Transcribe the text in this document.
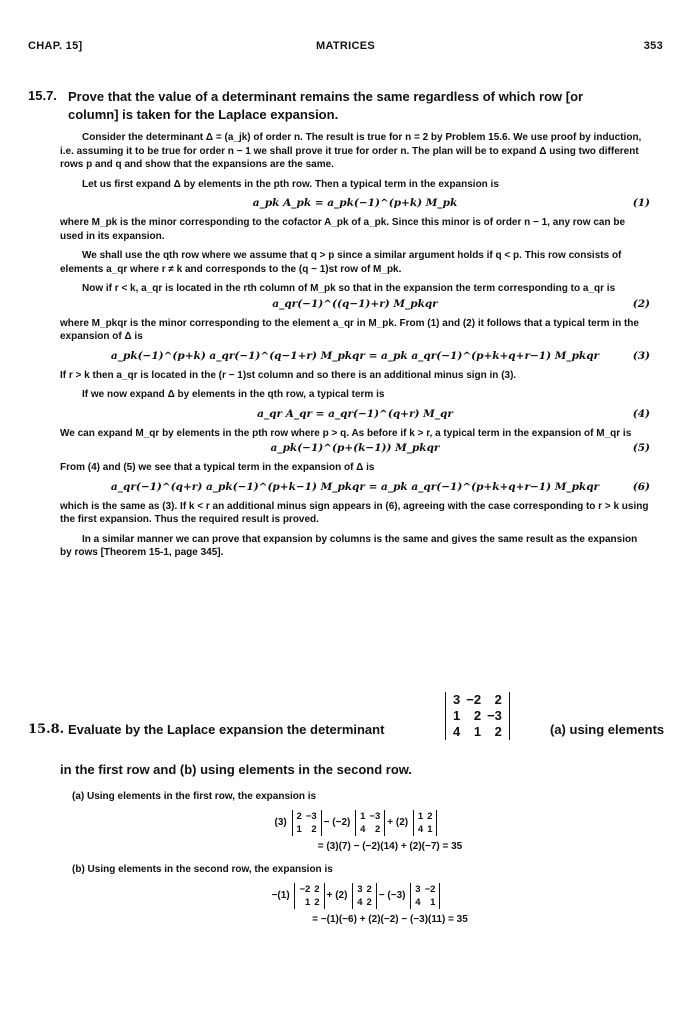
CHAP. 15]	MATRICES	353
15.7. Prove that the value of a determinant remains the same regardless of which row [or
column] is taken for the Laplace expansion.

Consider the determinant Δ = (a_jk) of order n. The result is true for n = 2 by Problem 15.6. We use proof by induction, i.e. assuming it to be true for order n − 1 we shall prove it true for order n. The plan will be to expand Δ using two different rows p and q and show that the expansions are the same.

Let us first expand Δ by elements in the pth row. Then a typical term in the expansion is

a_pk A_pk = a_pk(−1)^(p+k) M_pk	(1)

where M_pk is the minor corresponding to the cofactor A_pk of a_pk. Since this minor is of order n − 1, any row can be used in its expansion.

We shall use the qth row where we assume that q > p since a similar argument holds if q < p. This row consists of elements a_qr where r ≠ k and corresponds to the (q − 1)st row of M_pk.

Now if r < k, a_qr is located in the rth column of M_pk so that in the expansion the term corresponding to a_qr is

a_qr(−1)^((q−1)+r) M_pkqr	(2)

where M_pkqr is the minor corresponding to the element a_qr in M_pk. From (1) and (2) it follows that a typical term in the expansion of Δ is

a_pk(−1)^(p+k) a_qr(−1)^(q−1+r) M_pkqr = a_pk a_qr(−1)^(p+k+q+r−1) M_pkqr	(3)

If r > k then a_qr is located in the (r − 1)st column and so there is an additional minus sign in (3).

If we now expand Δ by elements in the qth row, a typical term is

a_qr A_qr = a_qr(−1)^(q+r) M_qr	(4)

We can expand M_qr by elements in the pth row where p > q. As before if k > r, a typical term in the expansion of M_qr is

a_pk(−1)^(p+(k−1)) M_pkqr	(5)

From (4) and (5) we see that a typical term in the expansion of Δ is

a_qr(−1)^(q+r) a_pk(−1)^(p+k−1) M_pkqr = a_pk a_qr(−1)^(p+k+q+r−1) M_pkqr	(6)

which is the same as (3). If k < r an additional minus sign appears in (6), agreeing with the case corresponding to r > k using the first expansion. Thus the required result is proved.

In a similar manner we can prove that expansion by columns is the same and gives the same result as the expansion by rows [Theorem 15-1, page 345].

15.8. Evaluate by the Laplace expansion the determinant
3	−2	2
1	2	−3
4	1	2	(a) using elements
in the first row and (b) using elements in the second row.

(a) Using elements in the first row, the expansion is

(3)
2	−3
1	2
− (−2)
1	−3
4	2
+ (2)
1	2
4	1
= (3)(7) − (−2)(14) + (2)(−7) = 35

(b) Using elements in the second row, the expansion is

−(1)
−2	2
1	2
+ (2)
3	2
4	2
− (−3)
3	−2
4	1
= −(1)(−6) + (2)(−2) − (−3)(11) = 35
